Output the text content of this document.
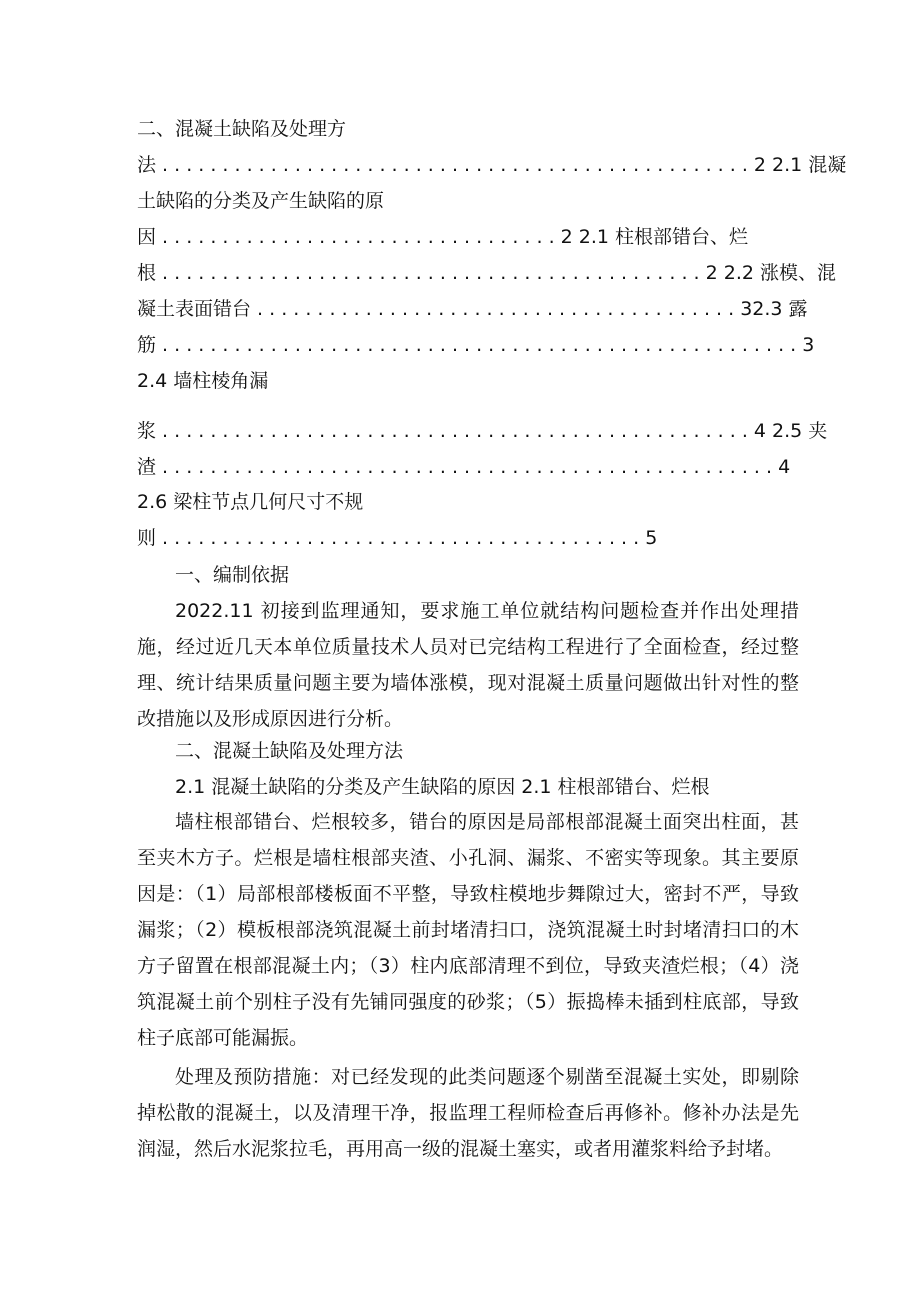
二、混凝土缺陷及处理方
法 . . . . . . . . . . . . . . . . . . . . . . . . . . . . . . . . . . . . . . . . . . . . . . . . . 2 2.1 混凝
土缺陷的分类及产生缺陷的原
因 . . . . . . . . . . . . . . . . . . . . . . . . . . . . . . . . . 2 2.1 柱根部错台、烂
根 . . . . . . . . . . . . . . . . . . . . . . . . . . . . . . . . . . . . . . . . . . . . . 2 2.2 涨模、混
凝土表面错台 . . . . . . . . . . . . . . . . . . . . . . . . . . . . . . . . . . . . . . . . 32.3 露
筋 . . . . . . . . . . . . . . . . . . . . . . . . . . . . . . . . . . . . . . . . . . . . . . . . . . . . . 3
2.4 墙柱棱角漏
浆 . . . . . . . . . . . . . . . . . . . . . . . . . . . . . . . . . . . . . . . . . . . . . . . . . 4 2.5 夹
渣 . . . . . . . . . . . . . . . . . . . . . . . . . . . . . . . . . . . . . . . . . . . . . . . . . . . 4
2.6 梁柱节点几何尺寸不规
则 . . . . . . . . . . . . . . . . . . . . . . . . . . . . . . . . . . . . . . . . 5
一、编制依据

2022.11 初接到监理通知，要求施工单位就结构问题检查并作出处理措施，经过近几天本单位质量技术人员对已完结构工程进行了全面检查，经过整理、统计结果质量问题主要为墙体涨模，现对混凝土质量问题做出针对性的整改措施以及形成原因进行分析。

二、混凝土缺陷及处理方法
2.1 混凝土缺陷的分类及产生缺陷的原因 2.1 柱根部错台、烂根

墙柱根部错台、烂根较多，错台的原因是局部根部混凝土面突出柱面，甚至夹木方子。烂根是墙柱根部夹渣、小孔洞、漏浆、不密实等现象。其主要原因是：（1）局部根部楼板面不平整，导致柱模地步舞隙过大，密封不严，导致漏浆；（2）模板根部浇筑混凝土前封堵清扫口，浇筑混凝土时封堵清扫口的木方子留置在根部混凝土内；（3）柱内底部清理不到位，导致夹渣烂根；（4）浇筑混凝土前个别柱子没有先铺同强度的砂浆；（5）振捣棒未插到柱底部，导致柱子底部可能漏振。

处理及预防措施：对已经发现的此类问题逐个剔凿至混凝土实处，即剔除掉松散的混凝土，以及清理干净，报监理工程师检查后再修补。修补办法是先润湿，然后水泥浆拉毛，再用高一级的混凝土塞实，或者用灌浆料给予封堵。
